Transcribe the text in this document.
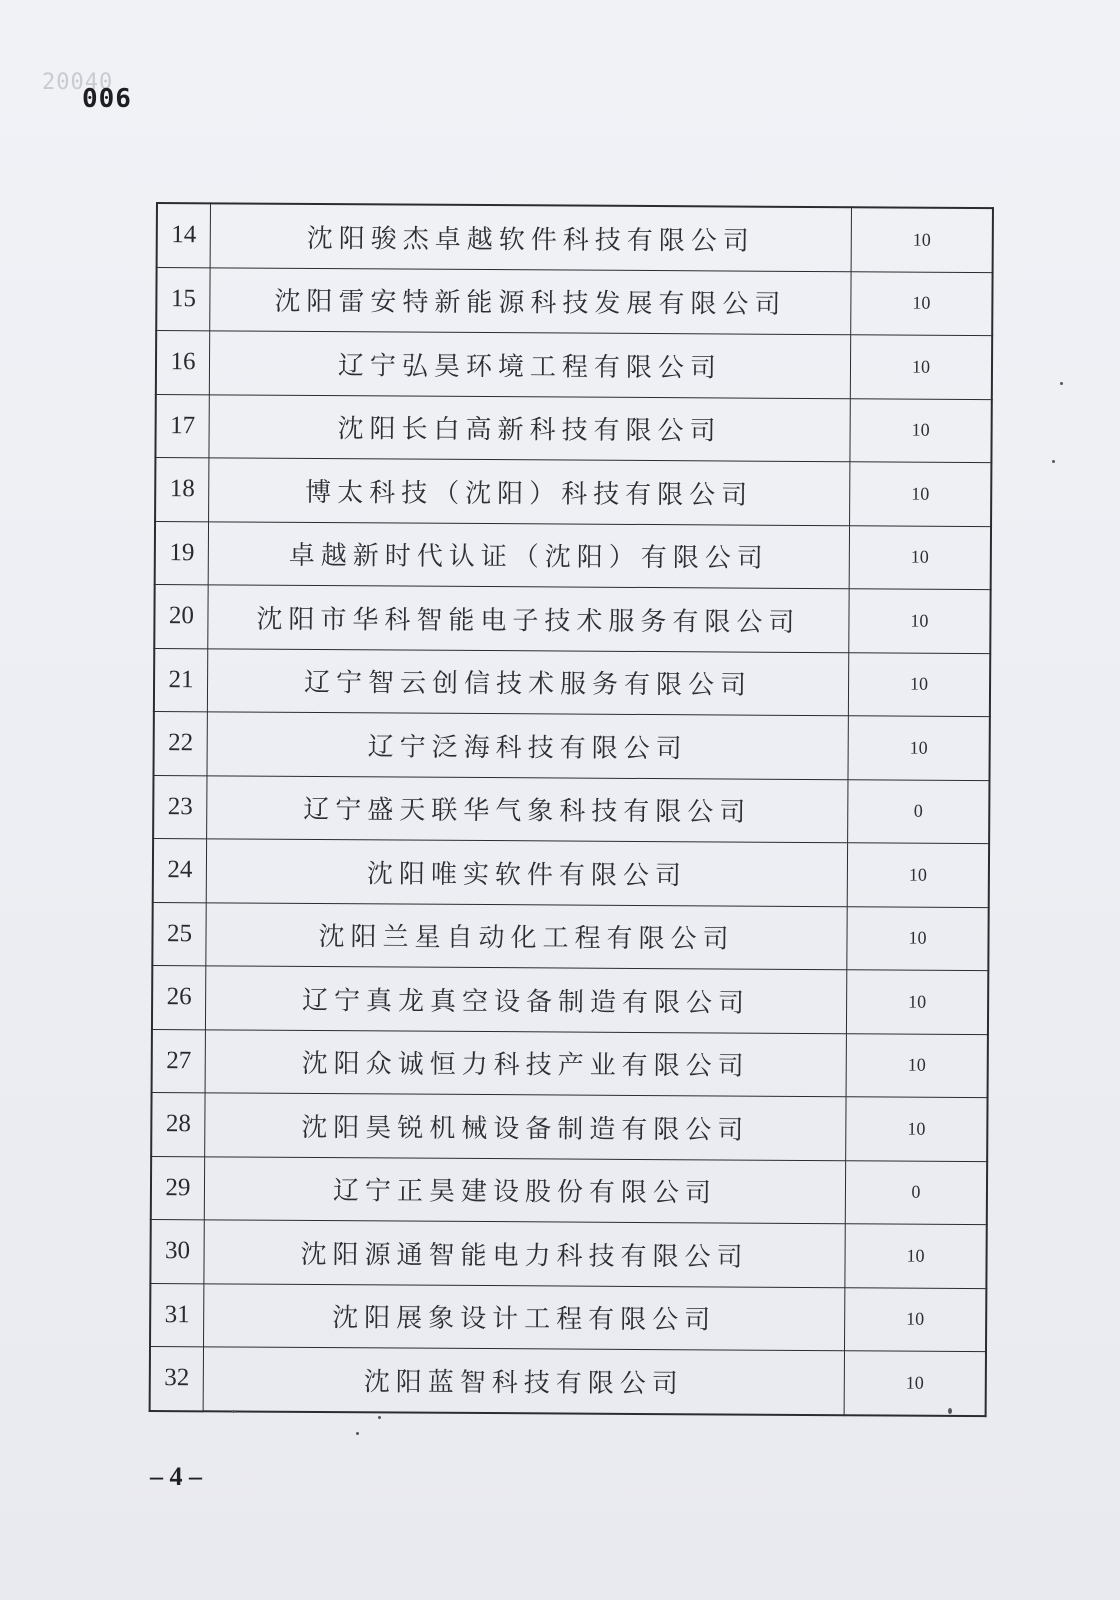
20040
006
14	沈阳骏杰卓越软件科技有限公司	10
15	沈阳雷安特新能源科技发展有限公司	10
16	辽宁弘昊环境工程有限公司	10
17	沈阳长白高新科技有限公司	10
18	博太科技（沈阳）科技有限公司	10
19	卓越新时代认证（沈阳）有限公司	10
20	沈阳市华科智能电子技术服务有限公司	10
21	辽宁智云创信技术服务有限公司	10
22	辽宁泛海科技有限公司	10
23	辽宁盛天联华气象科技有限公司	0
24	沈阳唯实软件有限公司	10
25	沈阳兰星自动化工程有限公司	10
26	辽宁真龙真空设备制造有限公司	10
27	沈阳众诚恒力科技产业有限公司	10
28	沈阳昊锐机械设备制造有限公司	10
29	辽宁正昊建设股份有限公司	0
30	沈阳源通智能电力科技有限公司	10
31	沈阳展象设计工程有限公司	10
32	沈阳蓝智科技有限公司	10
– 4 –
